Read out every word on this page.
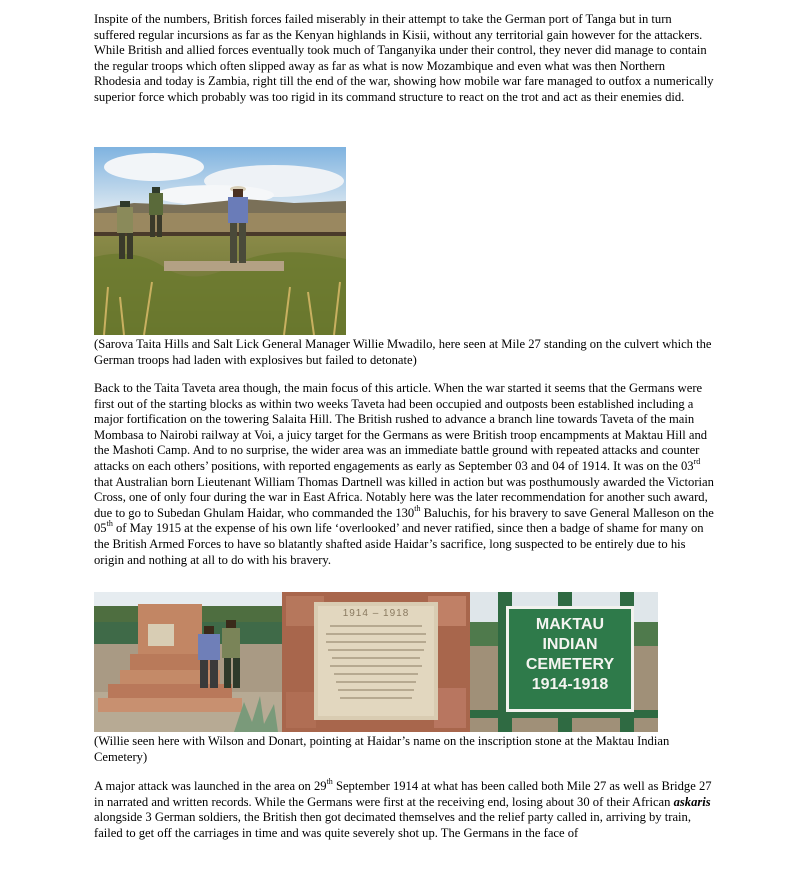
Inspite of the numbers, British forces failed miserably in their attempt to take the German port of Tanga but in turn suffered regular incursions as far as the Kenyan highlands in Kisii, without any territorial gain however for the attackers. While British and allied forces eventually took much of Tanganyika under their control, they never did manage to contain the regular troops which often slipped away as far as what is now Mozambique and even what was then Northern Rhodesia and today is Zambia, right till the end of the war, showing how mobile war fare managed to outfox a numerically superior force which probably was too rigid in its command structure to react on the trot and act as their enemies did.

(Sarova Taita Hills and Salt Lick General Manager Willie Mwadilo, here seen at Mile 27 standing on the culvert which the German troops had laden with explosives but failed to detonate)

Back to the Taita Taveta area though, the main focus of this article. When the war started it seems that the Germans were first out of the starting blocks as within two weeks Taveta had been occupied and outposts been established including a major fortification on the towering Salaita Hill. The British rushed to advance a branch line towards Taveta of the main Mombasa to Nairobi railway at Voi, a juicy target for the Germans as were British troop encampments at Maktau Hill and the Mashoti Camp. And to no surprise, the wider area was an immediate battle ground with repeated attacks and counter attacks on each others’ positions, with reported engagements as early as September 03 and 04 of 1914. It was on the 03rd that Australian born Lieutenant William Thomas Dartnell was killed in action but was posthumously awarded the Victorian Cross, one of only four during the war in East Africa. Notably here was the later recommendation for another such award, due to go to Subedan Ghulam Haidar, who commanded the 130th Baluchis, for his bravery to save General Malleson on the 05th of May 1915 at the expense of his own life ‘overlooked’ and never ratified, since then a badge of shame for many on the British Armed Forces to have so blatantly shafted aside Haidar’s sacrifice, long suspected to be entirely due to his origin and nothing at all to do with his bravery.

1914 – 1918
MAKTAU
INDIAN
CEMETERY
1914-1918

(Willie seen here with Wilson and Donart, pointing at Haidar’s name on the inscription stone at the Maktau Indian Cemetery)

A major attack was launched in the area on 29th September 1914 at what has been called both Mile 27 as well as Bridge 27 in narrated and written records. While the Germans were first at the receiving end, losing about 30 of their African askaris alongside 3 German soldiers, the British then got decimated themselves and the relief party called in, arriving by train, failed to get off the carriages in time and was quite severely shot up. The Germans in the face of
